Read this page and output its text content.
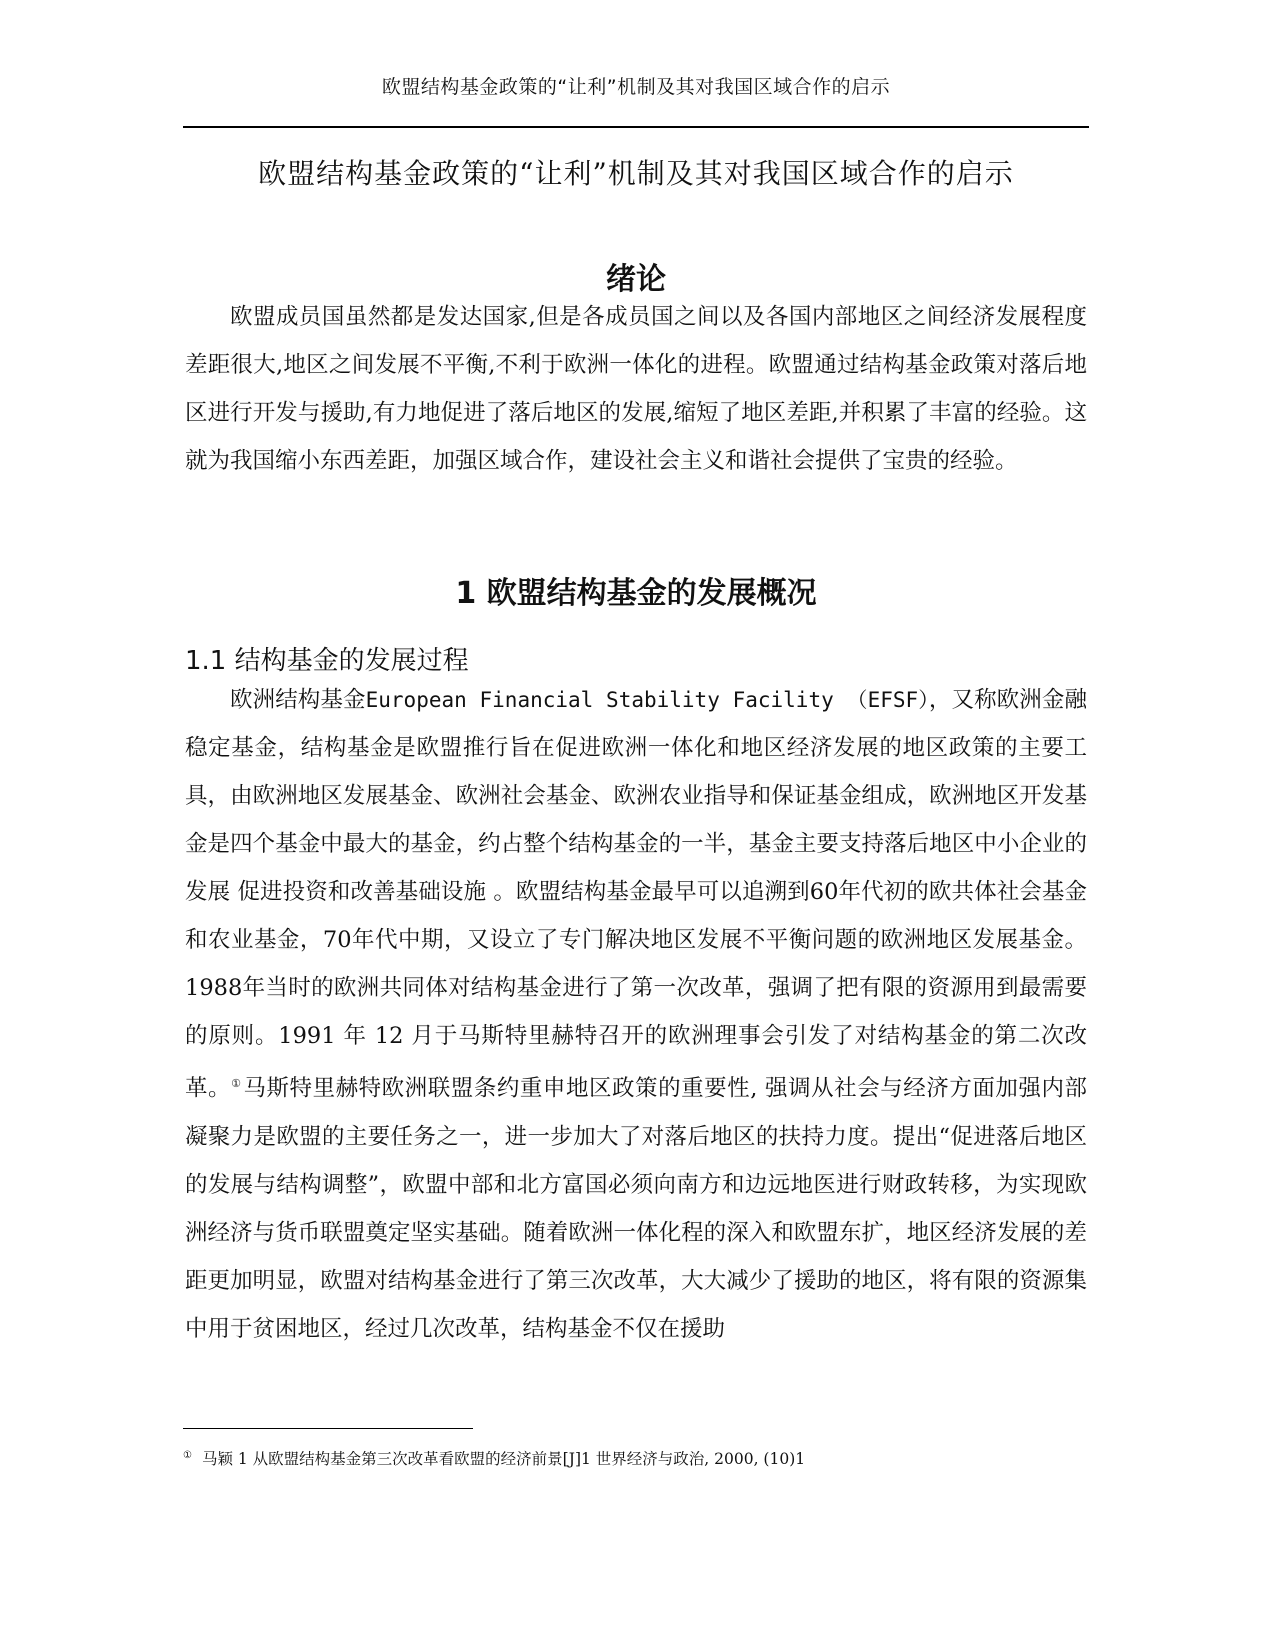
欧盟结构基金政策的“让利”机制及其对我国区域合作的启示
欧盟结构基金政策的“让利”机制及其对我国区域合作的启示
绪论

欧盟成员国虽然都是发达国家,但是各成员国之间以及各国内部地区之间经济发展程度差距很大,地区之间发展不平衡,不利于欧洲一体化的进程。欧盟通过结构基金政策对落后地区进行开发与援助,有力地促进了落后地区的发展,缩短了地区差距,并积累了丰富的经验。这就为我国缩小东西差距，加强区域合作，建设社会主义和谐社会提供了宝贵的经验。

1 欧盟结构基金的发展概况
1.1 结构基金的发展过程

欧洲结构基金European Financial Stability Facility （EFSF），又称欧洲金融稳定基金，结构基金是欧盟推行旨在促进欧洲一体化和地区经济发展的地区政策的主要工具，由欧洲地区发展基金、欧洲社会基金、欧洲农业指导和保证基金组成，欧洲地区开发基金是四个基金中最大的基金，约占整个结构基金的一半，基金主要支持落后地区中小企业的发展 促进投资和改善基础设施 。欧盟结构基金最早可以追溯到60年代初的欧共体社会基金和农业基金，70年代中期，又设立了专门解决地区发展不平衡问题的欧洲地区发展基金。1988年当时的欧洲共同体对结构基金进行了第一次改革，强调了把有限的资源用到最需要的原则。1991 年 12 月于马斯特里赫特召开的欧洲理事会引发了对结构基金的第二次改革。①马斯特里赫特欧洲联盟条约重申地区政策的重要性, 强调从社会与经济方面加强内部凝聚力是欧盟的主要任务之一，进一步加大了对落后地区的扶持力度。提出“促进落后地区的发展与结构调整”，欧盟中部和北方富国必须向南方和边远地医进行财政转移，为实现欧洲经济与货币联盟奠定坚实基础。随着欧洲一体化程的深入和欧盟东扩，地区经济发展的差距更加明显，欧盟对结构基金进行了第三次改革，大大减少了援助的地区，将有限的资源集中用于贫困地区，经过几次改革，结构基金不仅在援助

① 马颖 1 从欧盟结构基金第三次改革看欧盟的经济前景[J]1 世界经济与政治, 2000, (10)1
